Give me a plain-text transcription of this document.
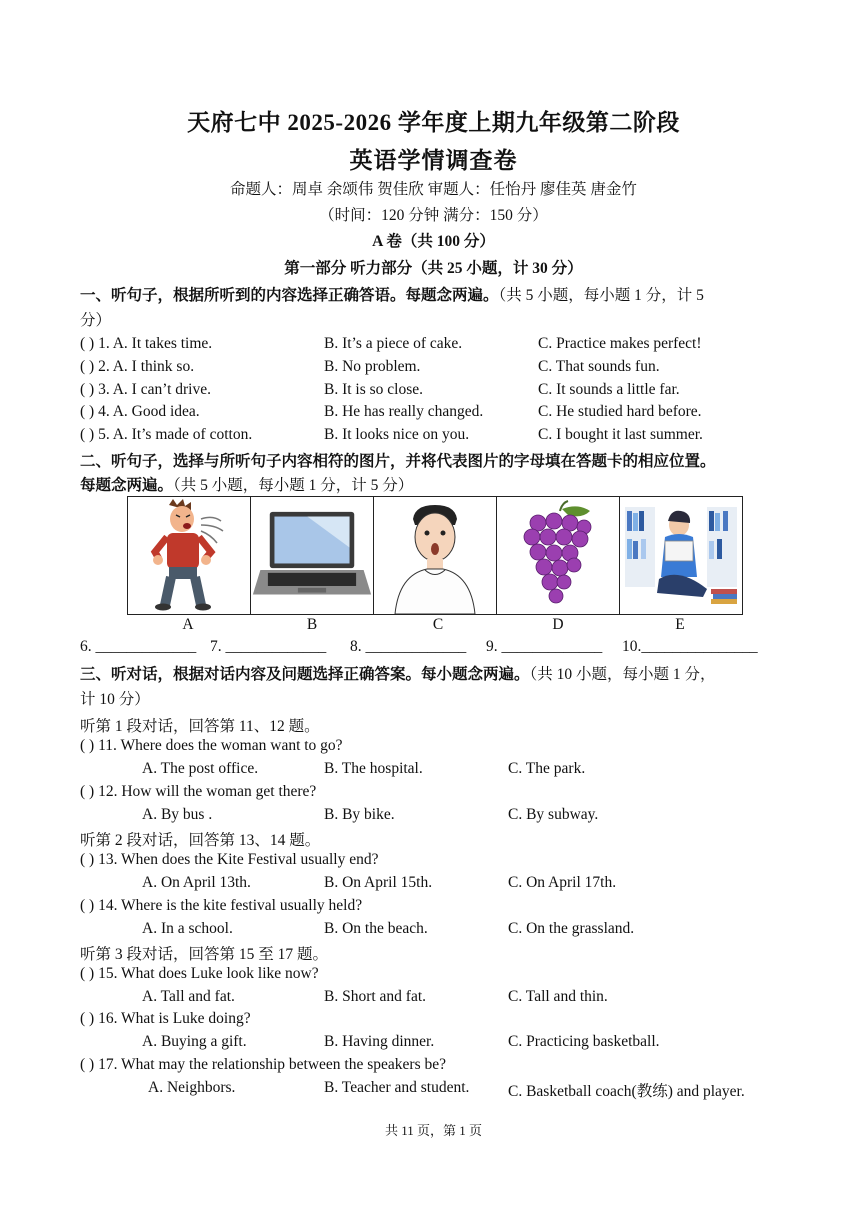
天府七中 2025-2026 学年度上期九年级第二阶段
英语学情调查卷
命题人：周卓 余颂伟 贺佳欣 审题人：任怡丹 廖佳英 唐金竹
（时间：120 分钟 满分：150 分）
A 卷（共 100 分）
第一部分 听力部分（共 25 小题，计 30 分）
一、听句子，根据所听到的内容选择正确答语。每题念两遍。（共 5 小题，每小题 1 分，计 5
分）
( ) 1. A. It takes time.	B. It’s a piece of cake.	C. Practice makes perfect!
( ) 2. A. I think so.	B. No problem.	C. That sounds fun.
( ) 3. A. I can’t drive.	B. It is so close.	C. It sounds a little far.
( ) 4. A. Good idea.	B. He has really changed.	C. He studied hard before.
( ) 5. A. It’s made of cotton.	B. It looks nice on you.	C. I bought it last summer.
二、听句子，选择与所听句子内容相符的图片，并将代表图片的字母填在答题卡的相应位置。
每题念两遍。（共 5 小题，每小题 1 分，计 5 分）
A	B	C	D	E
6. _____________ 7. _____________ 8. _____________ 9. _____________ 10._______________
三、听对话，根据对话内容及问题选择正确答案。每小题念两遍。（共 10 小题，每小题 1 分，
计 10 分）
听第 1 段对话，回答第 11、12 题。
( ) 11. Where does the woman want to go?
A. The post office.	B. The hospital.	C. The park.
( ) 12. How will the woman get there?
A. By bus .	B. By bike.	C. By subway.
听第 2 段对话，回答第 13、14 题。
( ) 13. When does the Kite Festival usually end?
A. On April 13th.	B. On April 15th.	C. On April 17th.
( ) 14. Where is the kite festival usually held?
A. In a school.	B. On the beach.	C. On the grassland.
听第 3 段对话，回答第 15 至 17 题。
( ) 15. What does Luke look like now?
A. Tall and fat.	B. Short and fat.	C. Tall and thin.
( ) 16. What is Luke doing?
A. Buying a gift.	B. Having dinner.	C. Practicing basketball.
( ) 17. What may the relationship between the speakers be?
A. Neighbors.	B. Teacher and student. C. Basketball coach(教练) and player.
共 11 页，第 1 页
